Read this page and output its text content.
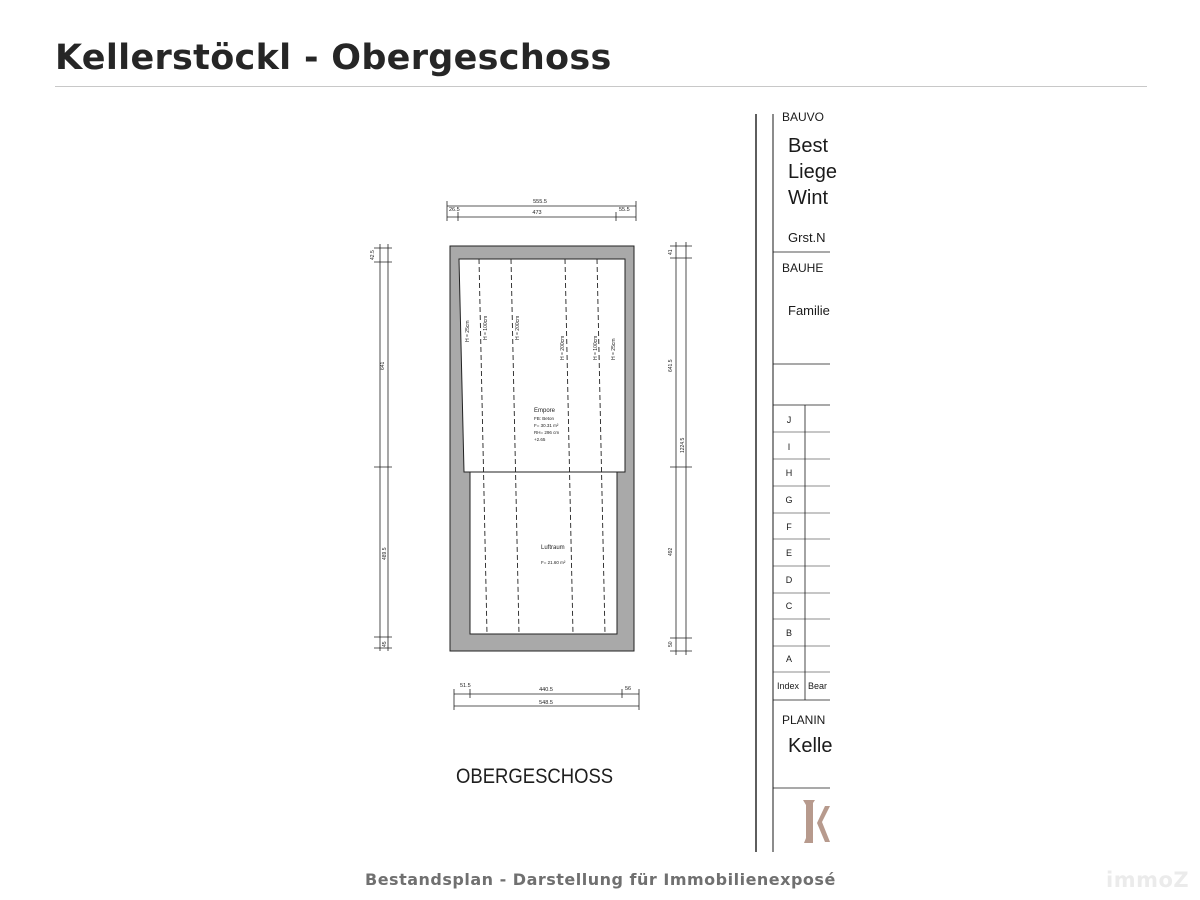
Kellerstöckl - Obergeschoss
555.5
26.5	473	55.5
42.5
641
489.5
45
41
641.5
1224.5
492
50
H = 25cm H = 100cm	H = 200cm
H = 200cm	H = 100cm H = 25cm
Empore
FB: Beton
F= 30.31 m²
RH= 296 cm
+2.65
Luftraum
F= 21.60 m²
51.5
440.5	56
548.5
BAUVO
Best
Liege
Wint
Grst.N
BAUHE
Familie
J
I
H
G
F
E
D
C
B
A
Index Bear
PLANIN
Kelle
OBERGESCHOSS
Bestandsplan - Darstellung für Immobilienexposé	immoZ
